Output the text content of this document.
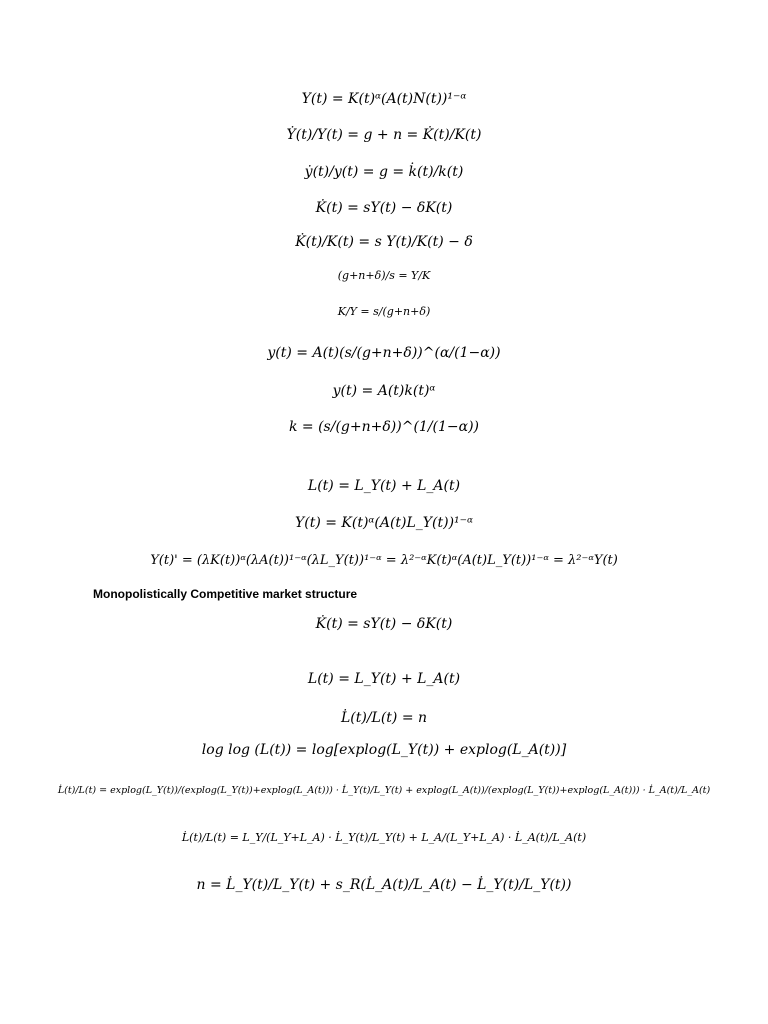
Y(t) = K(t)ᵅ(A(t)N(t))¹⁻ᵅ
Ẏ(t)/Y(t) = g + n = K̇(t)/K(t)
ẏ(t)/y(t) = g = k̇(t)/k(t)
K̇(t) = sY(t) − δK(t)
K̇(t)/K(t) = s Y(t)/K(t) − δ
(g+n+δ)/s = Y/K
K/Y = s/(g+n+δ)
y(t) = A(t)(s/(g+n+δ))^(α/(1−α))
y(t) = A(t)k(t)ᵅ
k = (s/(g+n+δ))^(1/(1−α))
L(t) = L_Y(t) + L_A(t)
Y(t) = K(t)ᵅ(A(t)L_Y(t))¹⁻ᵅ
Y(t)' = (λK(t))ᵅ(λA(t))¹⁻ᵅ(λL_Y(t))¹⁻ᵅ = λ²⁻ᵅK(t)ᵅ(A(t)L_Y(t))¹⁻ᵅ = λ²⁻ᵅY(t)
Monopolistically Competitive market structure
K̇(t) = sY(t) − δK(t)
L(t) = L_Y(t) + L_A(t)
L̇(t)/L(t) = n
log log (L(t)) = log[explog(L_Y(t)) + explog(L_A(t))]
L̇(t)/L(t) = explog(L_Y(t))/(explog(L_Y(t))+explog(L_A(t))) · L̇_Y(t)/L_Y(t) + explog(L_A(t))/(explog(L_Y(t))+explog(L_A(t))) · L̇_A(t)/L_A(t)
L̇(t)/L(t) = L_Y/(L_Y+L_A) · L̇_Y(t)/L_Y(t) + L_A/(L_Y+L_A) · L̇_A(t)/L_A(t)
n = L̇_Y(t)/L_Y(t) + s_R(L̇_A(t)/L_A(t) − L̇_Y(t)/L_Y(t))
